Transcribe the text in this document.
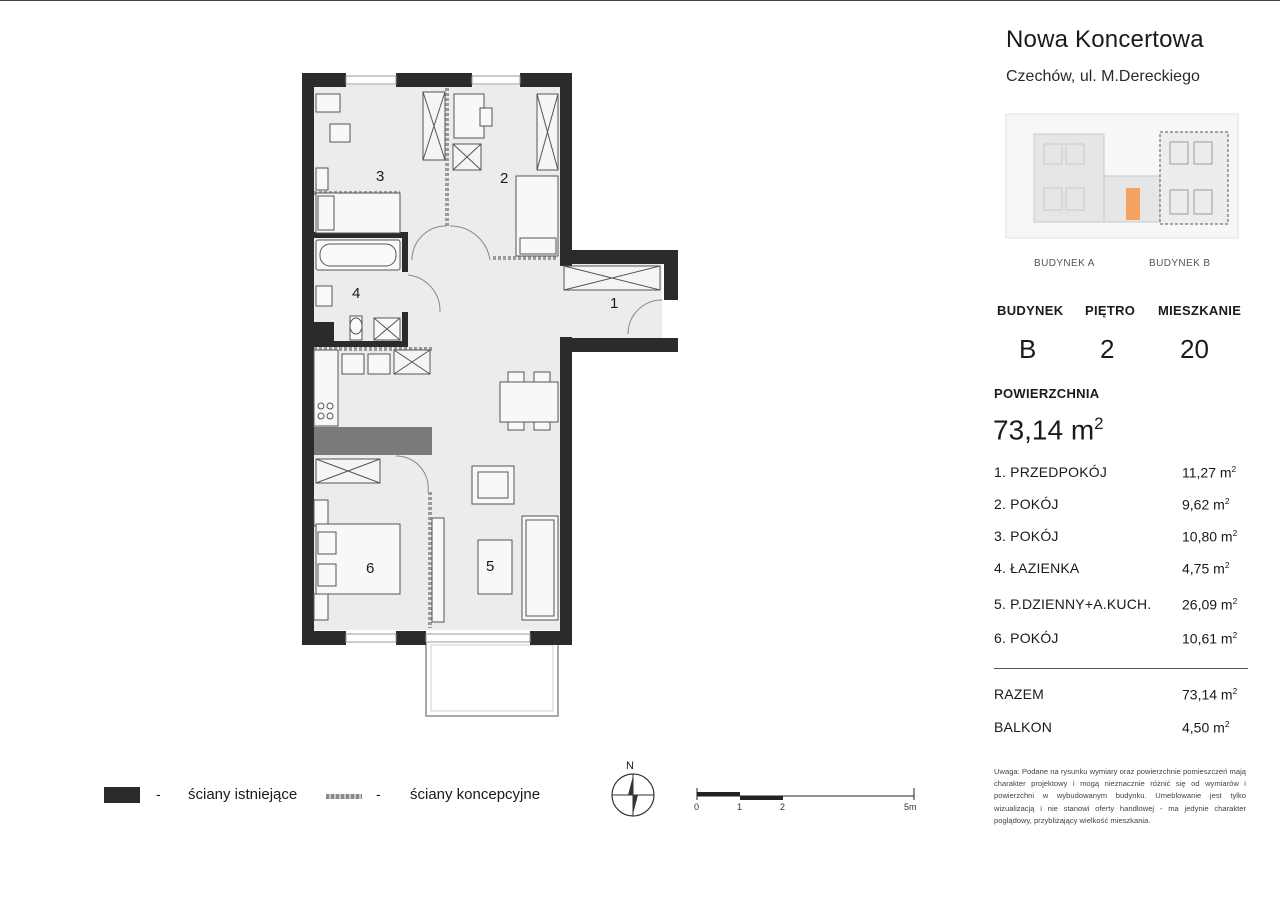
1
2
3
4
5
6
- ściany istniejące	- ściany koncepcyjne
N
0	1	2	5m
Nowa Koncertowa
Czechów, ul. M.Dereckiego
BUDYNEK A	BUDYNEK B
BUDYNEK PIĘTRO MIESZKANIE
B 2	20
POWIERZCHNIA
73,14 $m^2$
1. PRZEDPOKÓJ	11,27 $m^2$
2. POKÓJ	9,62 $m^2$
3. POKÓJ	10,80 $m^2$
4. ŁAZIENKA	4,75 $m^2$
5. P.DZIENNY+A.KUCH. 26,09 $m^2$
6. POKÓJ	10,61 $m^2$
RAZEM	73,14 $m^2$
BALKON	4,50 $m^2$
Uwaga: Podane na rysunku wymiary oraz powierzchnie pomieszczeń mają charakter projektowy i mogą nieznacznie różnić się od wymiarów i powierzchni w wybudowanym budynku. Umeblowanie jest tylko wizualizacją i nie stanowi oferty handlowej - ma jedynie charakter poglądowy, przybliżający wielkość mieszkania.
